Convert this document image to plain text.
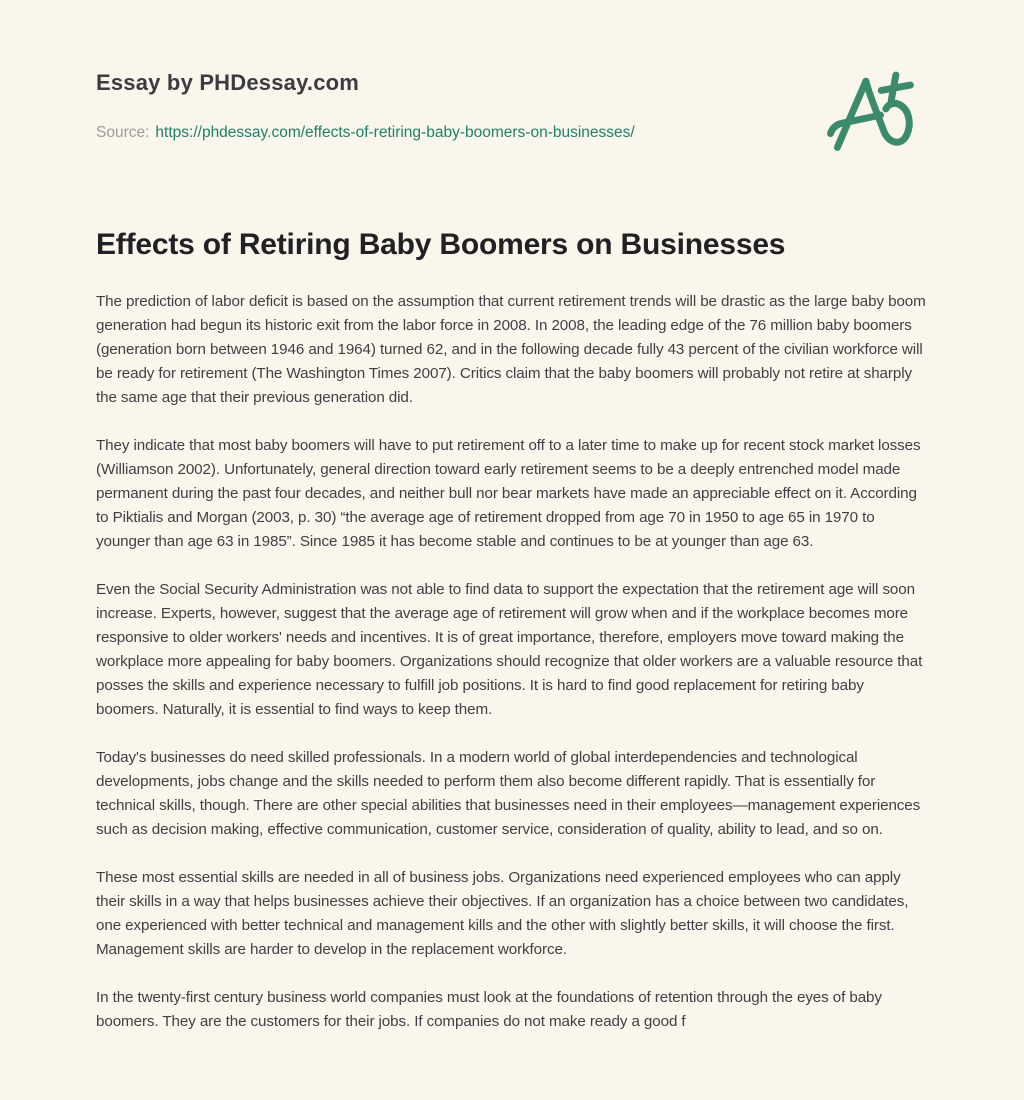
Essay by PHDessay.com
Source: https://phdessay.com/effects-of-retiring-baby-boomers-on-businesses/
Effects of Retiring Baby Boomers on Businesses

The prediction of labor deficit is based on the assumption that current retirement trends will be drastic as the large baby boom generation had begun its historic exit from the labor force in 2008. In 2008, the leading edge of the 76 million baby boomers (generation born between 1946 and 1964) turned 62, and in the following decade fully 43 percent of the civilian workforce will be ready for retirement (The Washington Times 2007). Critics claim that the baby boomers will probably not retire at sharply the same age that their previous generation did.

They indicate that most baby boomers will have to put retirement off to a later time to make up for recent stock market losses (Williamson 2002). Unfortunately, general direction toward early retirement seems to be a deeply entrenched model made permanent during the past four decades, and neither bull nor bear markets have made an appreciable effect on it. According to Piktialis and Morgan (2003, p. 30) “the average age of retirement dropped from age 70 in 1950 to age 65 in 1970 to younger than age 63 in 1985”. Since 1985 it has become stable and continues to be at younger than age 63.

Even the Social Security Administration was not able to find data to support the expectation that the retirement age will soon increase. Experts, however, suggest that the average age of retirement will grow when and if the workplace becomes more responsive to older workers' needs and incentives. It is of great importance, therefore, employers move toward making the workplace more appealing for baby boomers. Organizations should recognize that older workers are a valuable resource that posses the skills and experience necessary to fulfill job positions. It is hard to find good replacement for retiring baby boomers. Naturally, it is essential to find ways to keep them.

Today's businesses do need skilled professionals. In a modern world of global interdependencies and technological developments, jobs change and the skills needed to perform them also become different rapidly. That is essentially for technical skills, though. There are other special abilities that businesses need in their employees—management experiences such as decision making, effective communication, customer service, consideration of quality, ability to lead, and so on.

These most essential skills are needed in all of business jobs. Organizations need experienced employees who can apply their skills in a way that helps businesses achieve their objectives. If an organization has a choice between two candidates, one experienced with better technical and management kills and the other with slightly better skills, it will choose the first. Management skills are harder to develop in the replacement workforce.

In the twenty-first century business world companies must look at the foundations of retention through the eyes of baby boomers. They are the customers for their jobs. If companies do not make ready a good f
